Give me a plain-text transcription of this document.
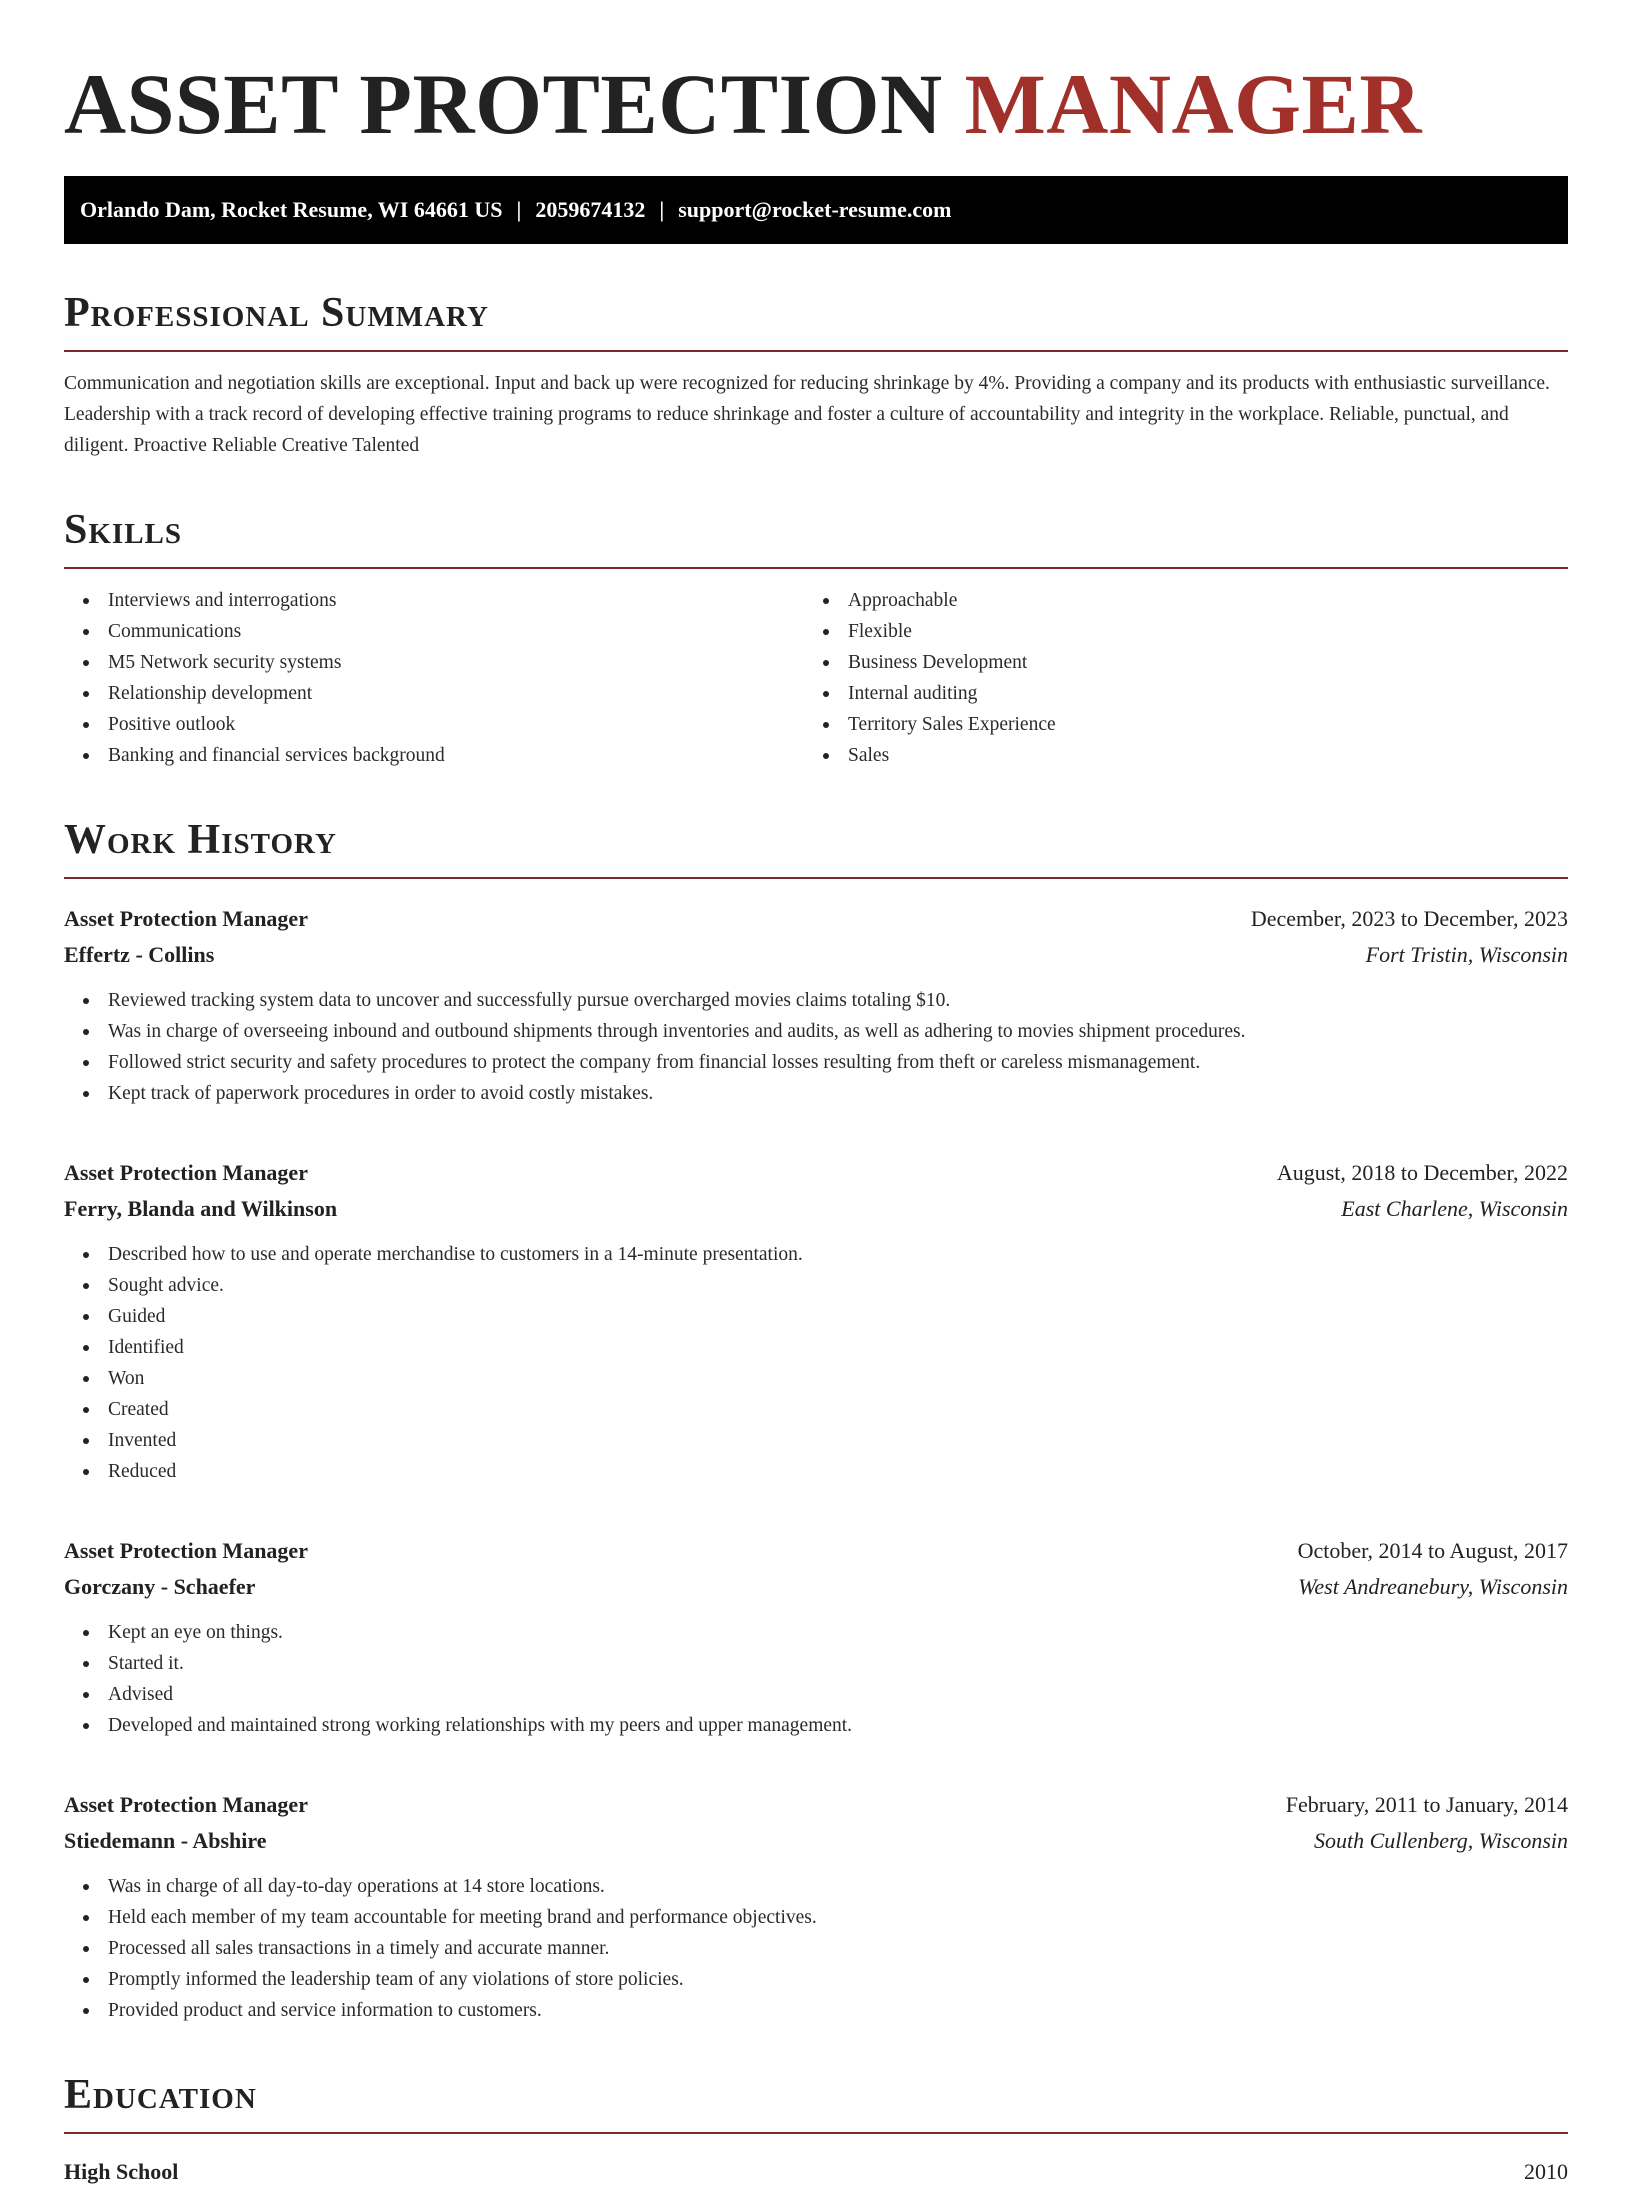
ASSET PROTECTION MANAGER
Orlando Dam, Rocket Resume, WI 64661 US | 2059674132 | support@rocket-resume.com
Professional Summary

Communication and negotiation skills are exceptional. Input and back up were recognized for reducing shrinkage by 4%. Providing a company and its products with enthusiastic surveillance. Leadership with a track record of developing effective training programs to reduce shrinkage and foster a culture of accountability and integrity in the workplace. Reliable, punctual, and diligent. Proactive Reliable Creative Talented

Skills
Interviews and interrogations
Communications
M5 Network security systems
Relationship development
Positive outlook
Banking and financial services background
Approachable
Flexible
Business Development
Internal auditing
Territory Sales Experience
Sales
Work History
Asset Protection Manager	December, 2023 to December, 2023
Effertz - Collins	Fort Tristin, Wisconsin
Reviewed tracking system data to uncover and successfully pursue overcharged movies claims totaling $10.
Was in charge of overseeing inbound and outbound shipments through inventories and audits, as well as adhering to movies shipment procedures.
Followed strict security and safety procedures to protect the company from financial losses resulting from theft or careless mismanagement.
Kept track of paperwork procedures in order to avoid costly mistakes.
Asset Protection Manager	August, 2018 to December, 2022
Ferry, Blanda and Wilkinson	East Charlene, Wisconsin
Described how to use and operate merchandise to customers in a 14-minute presentation.
Sought advice.
Guided
Identified
Won
Created
Invented
Reduced
Asset Protection Manager	October, 2014 to August, 2017
Gorczany - Schaefer	West Andreanebury, Wisconsin
Kept an eye on things.
Started it.
Advised
Developed and maintained strong working relationships with my peers and upper management.
Asset Protection Manager	February, 2011 to January, 2014
Stiedemann - Abshire	South Cullenberg, Wisconsin
Was in charge of all day-to-day operations at 14 store locations.
Held each member of my team accountable for meeting brand and performance objectives.
Processed all sales transactions in a timely and accurate manner.
Promptly informed the leadership team of any violations of store policies.
Provided product and service information to customers.
Education
High School	2010
